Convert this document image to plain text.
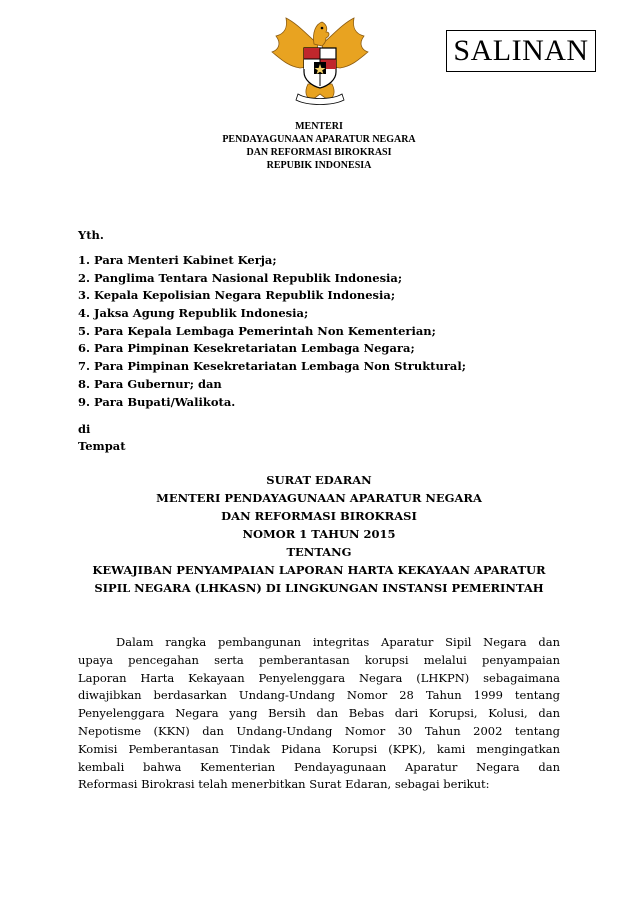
SALINAN
MENTERI
PENDAYAGUNAAN APARATUR NEGARA
DAN REFORMASI BIROKRASI
REPUBIK INDONESIA
Yth.
1. Para Menteri Kabinet Kerja;
2. Panglima Tentara Nasional Republik Indonesia;
3. Kepala Kepolisian Negara Republik Indonesia;
4. Jaksa Agung Republik Indonesia;
5. Para Kepala Lembaga Pemerintah Non Kementerian;
6. Para Pimpinan Kesekretariatan Lembaga Negara;
7. Para Pimpinan Kesekretariatan Lembaga Non Struktural;
8. Para Gubernur; dan
9. Para Bupati/Walikota.
di
Tempat
SURAT EDARAN
MENTERI PENDAYAGUNAAN APARATUR NEGARA
DAN REFORMASI BIROKRASI
NOMOR 1 TAHUN 2015
TENTANG
KEWAJIBAN PENYAMPAIAN LAPORAN HARTA KEKAYAAN APARATUR
SIPIL NEGARA (LHKASN) DI LINGKUNGAN INSTANSI PEMERINTAH
Dalam rangka pembangunan integritas Aparatur Sipil Negara dan
upaya pencegahan serta pemberantasan korupsi melalui penyampaian
Laporan Harta Kekayaan Penyelenggara Negara (LHKPN) sebagaimana
diwajibkan berdasarkan Undang-Undang Nomor 28 Tahun 1999 tentang
Penyelenggara Negara yang Bersih dan Bebas dari Korupsi, Kolusi, dan
Nepotisme (KKN) dan Undang-Undang Nomor 30 Tahun 2002 tentang
Komisi Pemberantasan Tindak Pidana Korupsi (KPK), kami mengingatkan
kembali bahwa Kementerian Pendayagunaan Aparatur Negara dan
Reformasi Birokrasi telah menerbitkan Surat Edaran, sebagai berikut:
